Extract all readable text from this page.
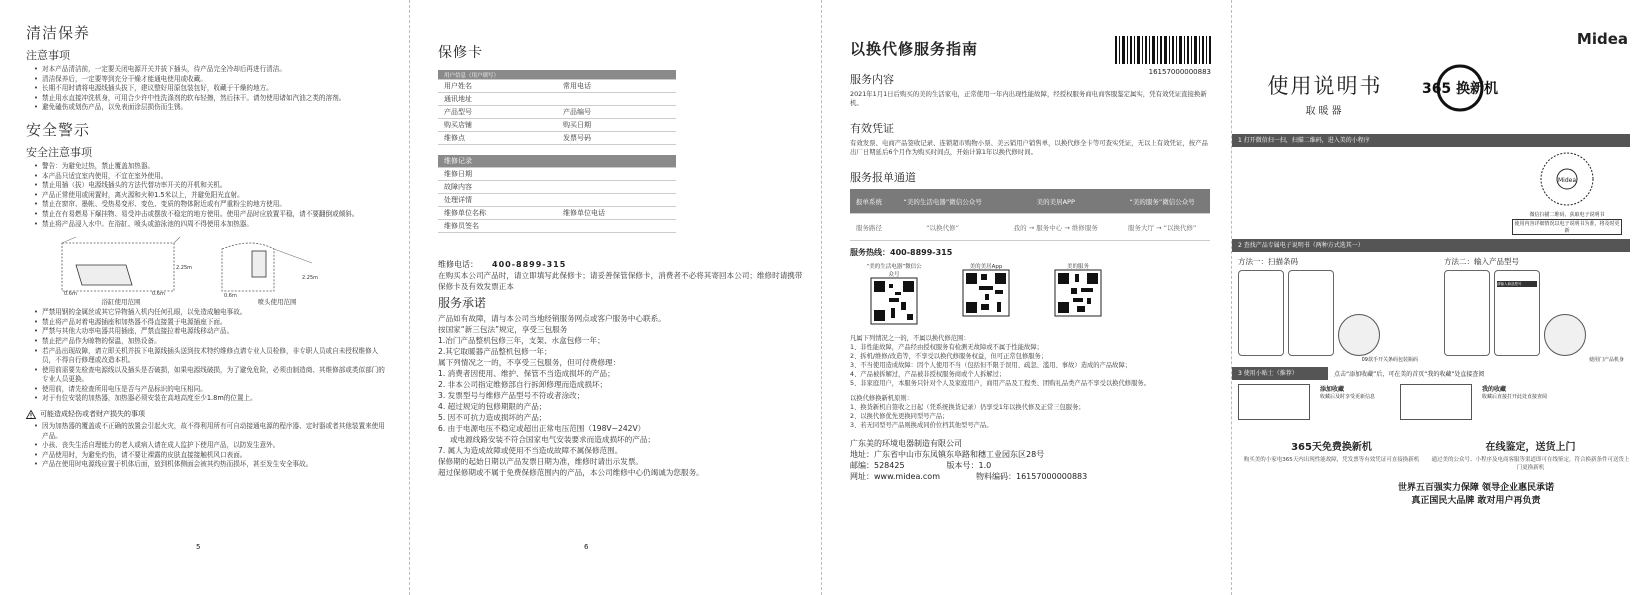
清洁保养
注意事项
• 对本产品清洁前，一定要关闭电源开关并拔下插头，待产品完全冷却后再进行清洁。
• 清洁保养后，一定要等到充分干燥才能通电使用或收藏。
• 长期不用时请将电源线插头拔下，建议整好用原包装包好，收藏于干燥的地方。
• 禁止用水直接冲洗机身，可用合少许中性洗涤剂的软布轻擦，然后抹干。请勿使用诸如汽油之类的溶剂。
• 避免磕伤或划伤产品，以免表面涂层损伤而生锈。
安全警示
安全注意事项
• 警告：为避免过热，禁止覆盖加热器。
• 本产品只适宜室内使用，不宜在室外使用。
• 禁止用插（拔）电源线插头的方法代替功率开关的开机和关机。
• 产品正常使用或闲置时，离火源和火种1.5米以上，并避免阳光直射。
• 禁止在窗帘、墨帐、受热易变形、变色、变质的物体附近或有严重粉尘的地方使用。
• 禁止在有易燃易下爆挂物、易受冲击或摆放不稳定的地方使用。使用产品时应放置平稳，请不要翻倒或倾斜。
• 禁止将产品浸入水中。在浴缸、喷头或游泳池的四周不得使用本加热器。
0.6m	0.6m
2.25m
浴缸使用范围
0.6m
2.25m
喷头使用范围
• 严禁用钢的金属丝或其它异物插入机内任何孔眼，以免造成触电事故。
• 禁止将产品对着电源插座和加热器不得直接置于电源插座下面。
• 严禁与其他大功率电器共用插座，严禁直接拉着电源线移动产品。
• 禁止把产品作为晾物的保温，加热设备。
• 若产品出现故障，请立即关机并拔下电源线插头送到技术特约维修点请专业人员检修，非专职人员或自未授权维修人员，不得自行修理或改造本机。
• 使用前需要先检查电源线以及插头是否破损，如果电源线破损，为了避免危险，必须由制造商、其维修部或类似部门的专业人员更换。
• 使用前，请先检查所用电压是否与产品标识的电压相同。
• 对于有位安装的加热器，加热器必须安装在高地高度至少1.8m的位置上。
可能造成轻伤或者财产损失的事项
• 因为加热器的覆盖或不正确的放置会引起火灾，故不得利用所有可自动接通电源的程序器、定时器或者其他装置来使用产品。
• 小孩、丧失生活自理能力的老人或病人请在成人监护下使用产品，以防发生意外。
• 产品使用时，为避免灼伤，请不要让裸露的皮肤直接接触机风口表面。
• 产品在使用时电源线应置于机体后面，放到机体侧面会被其灼热而损坏，甚至发生安全事故。
5
保修卡
用户信息（用户填写）	
用户姓名	常用电话
通讯地址	
产品型号	产品编号
购买店铺	购买日期
维修点	发票号码
维修记录	
维修日期	
故障内容	
处理详情	
维修单位名称	维修单位电话
维修员签名	
维修电话： 400-8899-315
在购买本公司产品时，请立即填写此保修卡；请妥善保管保修卡，消费者不必将其寄回本公司；维修时请携带保修卡及有效发票正本
服务承诺
产品如有故障，请与本公司当地经销服务网点或客户服务中心联系。
按国家“新三包法”规定，享受三包服务
1.冶门产品整机包修三年，支架、水盒包修一年；
2.其它取暖器产品整机包修一年；
属下列情况之一的，不享受三包服务，但可付费修理：
1. 消费者因使用、维护、保管不当造成损坏的产品；
2. 非本公司指定维修部自行拆卸修理而造成损坏；
3. 发票型号与维修产品型号不符或者涂改；
4. 超过规定的包修期限的产品；
5. 因不可抗力造成损坏的产品；
6. 由于电源电压不稳定或超出正常电压范围（198V~242V）
或电源线路安装不符合国家电气安装要求而造成损坏的产品；
7. 属人为造成故障或使用不当造成故障不属保修范围。
保修期的起始日期以产品发票日期为准，维修时请出示发票。
超过保修期或不属于免费保修范围内的产品，本公司维修中心仍竭诚为您服务。
6
以换代修服务指南
16157000000883
服务内容
2021年1月1日后购买的美的生活家电，正常使用一年内出现性能故障，经授权服务商电商客服鉴定属实，凭有效凭证直接换新机。
有效凭证
有效发票、电商产品签收记录、连锁超市购物小票、美云销用户销售单，以换代修全卡等可查实凭证，无以上有效凭证，按产品出厂日期延后6个月作为购买时间点，开始计算1年以换代修时间。
服务报单通道
报单系统	“美的生活电器”微信公众号	美的美居APP	“美的服务”微信公众号
服务路径	“以换代修”	我的 → 服务中心 → 维修服务	服务大厅 → “以换代修”
服务热线：400-8899-315
“美的生活电器”微信公众号
美的美居App	美的服务
凡属下列情况之一的，不属以换代修范围：
1、非性能故障，产品经由授权服务有检测无故障或不属于性能故障；
2、拆机/维修/改造等，不享受以换代修服务权益，但可正常包修服务；
3、不当使用造成故障：因个人使用不当（包括但不限于误用、疏忽、滥用、事故）造成的产品故障；
4、产品被拆解过，产品被非授权服务商或个人拆解过；
5、非家庭用户，本服务只针对个人及家庭用户，商用产品及工程类、团购礼品类产品不享受以换代修服务。
以换代修换新机原则：
1、换货新机自签收之日起（凭系统换货记录）仍享受1年以换代修及正常三包服务；
2、以换代修优先更换同型号产品；
3、若无同型号产品则换成同价位档其他型号产品。
广东美的环境电器制造有限公司
地址：广东省中山市东凤镇东阜路和穗工业园东区28号
邮编：528425	版本号：1.0
网址：www.midea.com	物料编码：16157000000883
Midea
使用说明书
取暖器
365 换新机
1 打开微信扫一扫，扫描二维码，进入美的小程序
Midea
微信扫描二维码，获取电子说明书
使用内容详细情况以电子说明书为准，将及时更新
2 查找产品专属电子说明书（两种方式选其一）
方法一：扫描条码
09款手开关条码包装瓶码
方法二：输入产品型号
请输入商品型号
使用门产品机身
3 使用小贴士（推荐）	点击“添加收藏”后，可在美的首页“我的收藏”处直接查阅
添加收藏
收藏后及时享受更新信息
我的收藏
收藏后直接打开此处直接查阅
365天免费换新机
购买美的小家电365天内出现性能故障，凭发票等有效凭证可直接换新机
在线鉴定，送货上门
通过美的公众号、小程序及电商客服等渠道即可在线鉴定，符合换新条件可送货上门更换新机
世界五百强实力保障 领导企业惠民承诺
真正国民大品牌 敢对用户再负责
